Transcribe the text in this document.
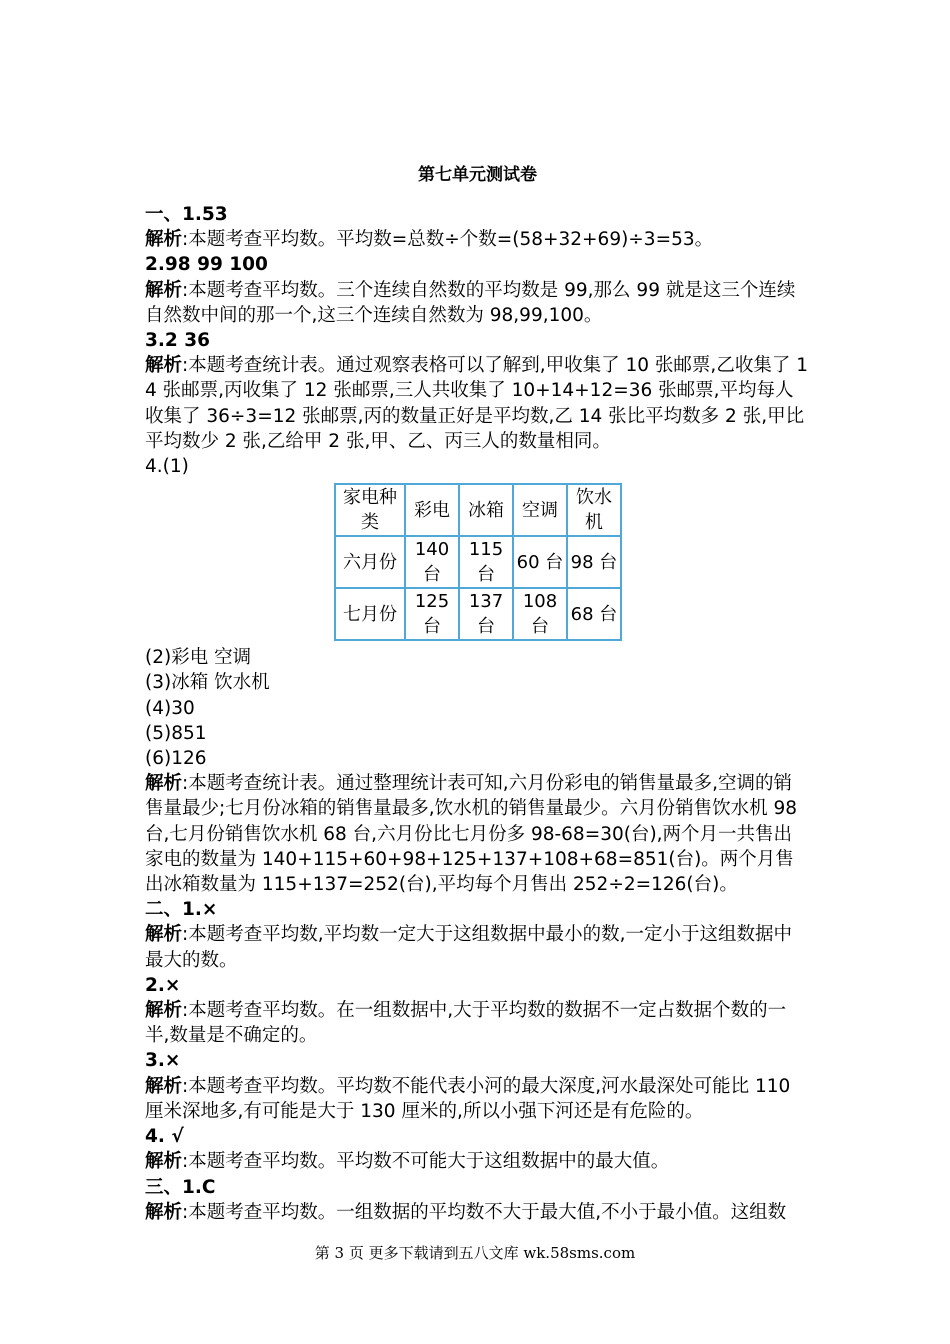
第七单元测试卷
一、1.53
解析:本题考查平均数。平均数=总数÷个数=(58+32+69)÷3=53。
2.98 99 100
解析:本题考查平均数。三个连续自然数的平均数是 99,那么 99 就是这三个连续自然数中间的那一个,这三个连续自然数为 98,99,100。
3.2 36
解析:本题考查统计表。通过观察表格可以了解到,甲收集了 10 张邮票,乙收集了 14 张邮票,丙收集了 12 张邮票,三人共收集了 10+14+12=36 张邮票,平均每人收集了 36÷3=12 张邮票,丙的数量正好是平均数,乙 14 张比平均数多 2 张,甲比平均数少 2 张,乙给甲 2 张,甲、乙、丙三人的数量相同。
4.(1)
家电种类	彩电	冰箱	空调	饮水机
六月份	140 台	115 台	60 台	98 台
七月份	125 台	137 台	108 台	68 台
(2)彩电 空调
(3)冰箱 饮水机
(4)30
(5)851
(6)126
解析:本题考查统计表。通过整理统计表可知,六月份彩电的销售量最多,空调的销售量最少;七月份冰箱的销售量最多,饮水机的销售量最少。六月份销售饮水机 98 台,七月份销售饮水机 68 台,六月份比七月份多 98-68=30(台),两个月一共售出家电的数量为 140+115+60+98+125+137+108+68=851(台)。两个月售出冰箱数量为 115+137=252(台),平均每个月售出 252÷2=126(台)。
二、1.×
解析:本题考查平均数,平均数一定大于这组数据中最小的数,一定小于这组数据中最大的数。
2.×
解析:本题考查平均数。在一组数据中,大于平均数的数据不一定占数据个数的一半,数量是不确定的。
3.×
解析:本题考查平均数。平均数不能代表小河的最大深度,河水最深处可能比 110 厘米深地多,有可能是大于 130 厘米的,所以小强下河还是有危险的。
4. √
解析:本题考查平均数。平均数不可能大于这组数据中的最大值。
三、1.C
解析:本题考查平均数。一组数据的平均数不大于最大值,不小于最小值。这组数
第 3 页 更多下载请到五八文库 wk.58sms.com
